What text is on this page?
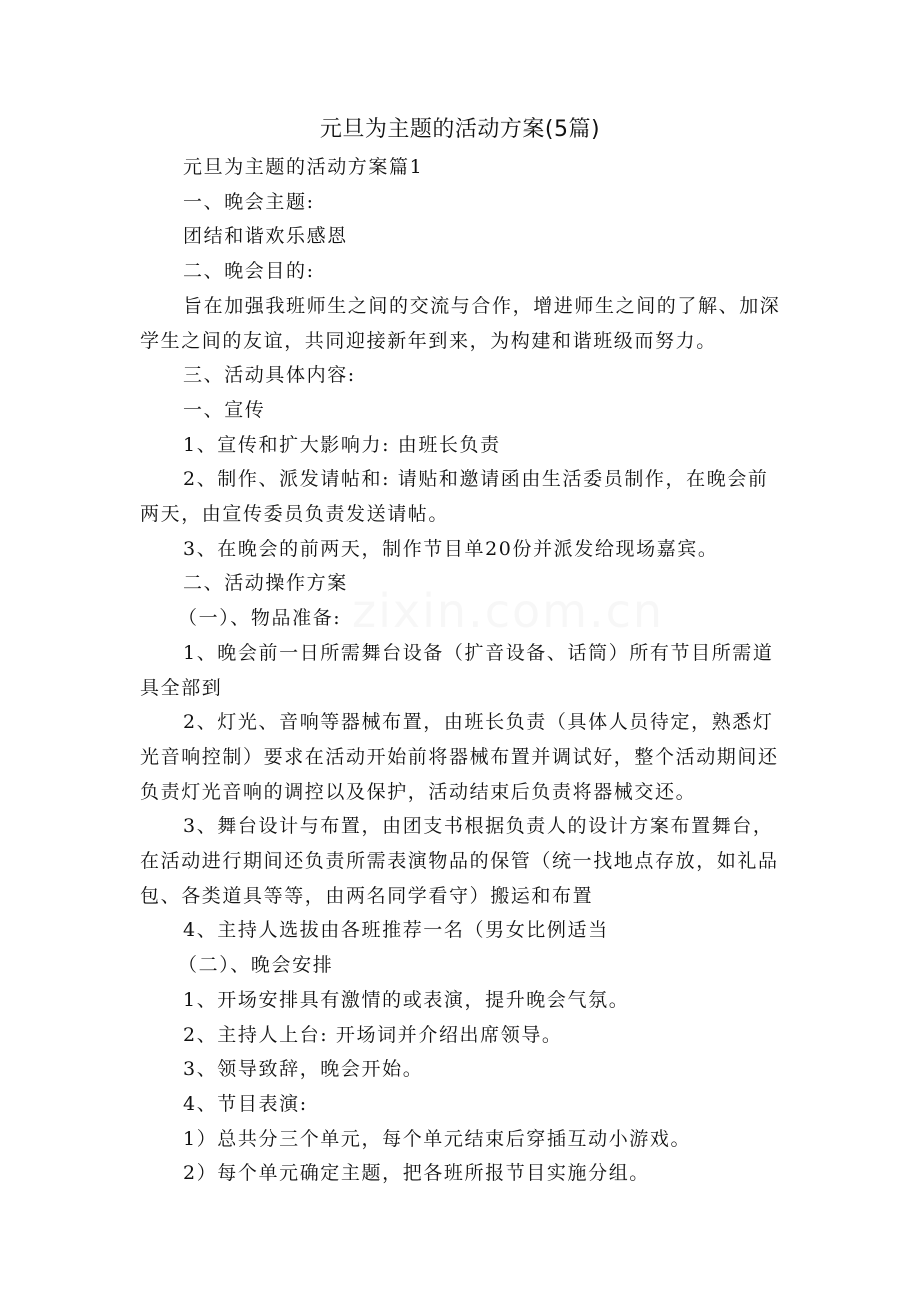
zixin.com.cn
元旦为主题的活动方案(5篇)

元旦为主题的活动方案篇1

一、晚会主题:

团结和谐欢乐感恩

二、晚会目的:

旨在加强我班师生之间的交流与合作，增进师生之间的了解、加深学生之间的友谊，共同迎接新年到来，为构建和谐班级而努力。

三、活动具体内容:

一、宣传

1、宣传和扩大影响力: 由班长负责

2、制作、派发请帖和: 请贴和邀请函由生活委员制作，在晚会前两天，由宣传委员负责发送请帖。

3、在晚会的前两天，制作节目单20份并派发给现场嘉宾。

二、活动操作方案

（一）、物品准备:

1、晚会前一日所需舞台设备（扩音设备、话筒）所有节目所需道具全部到

2、灯光、音响等器械布置，由班长负责（具体人员待定，熟悉灯光音响控制）要求在活动开始前将器械布置并调试好，整个活动期间还负责灯光音响的调控以及保护，活动结束后负责将器械交还。

3、舞台设计与布置，由团支书根据负责人的设计方案布置舞台，在活动进行期间还负责所需表演物品的保管（统一找地点存放，如礼品包、各类道具等等，由两名同学看守）搬运和布置

4、主持人选拔由各班推荐一名（男女比例适当

（二）、晚会安排

1、开场安排具有激情的或表演，提升晚会气氛。

2、主持人上台: 开场词并介绍出席领导。

3、领导致辞，晚会开始。

4、节目表演:

1）总共分三个单元，每个单元结束后穿插互动小游戏。

2）每个单元确定主题，把各班所报节目实施分组。
